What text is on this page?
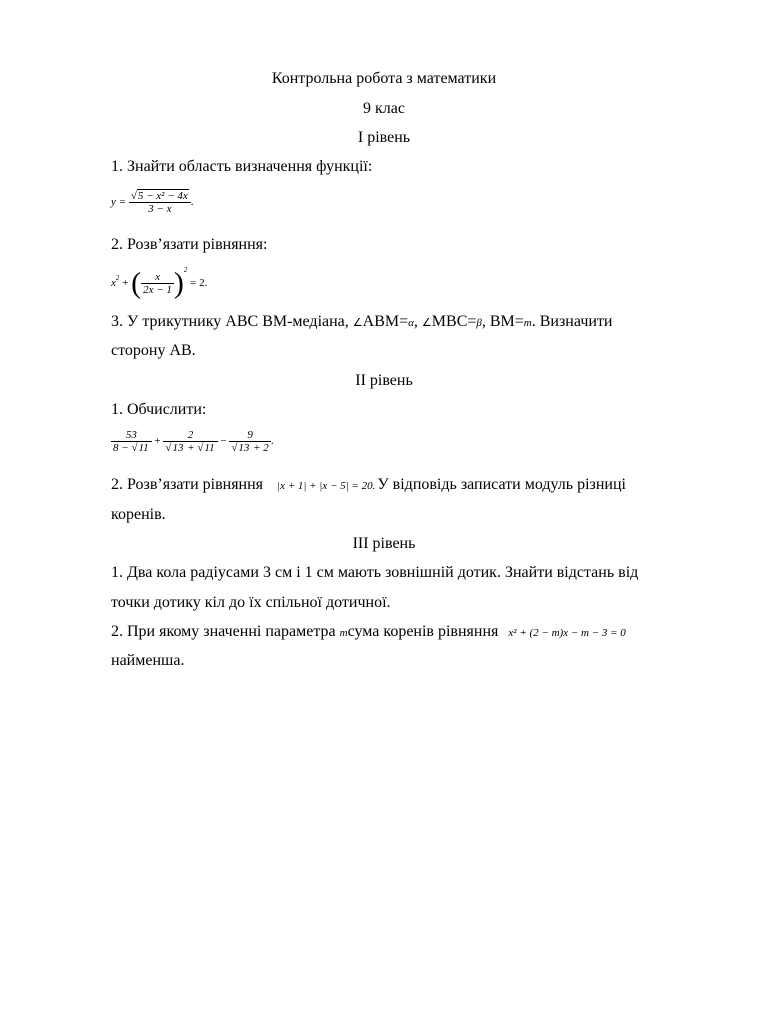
Контрольна робота з математики
9 клас
І рівень
1. Знайти область визначення функції:
$y = \frac{\text{√5 − x² − 4x}}{3 - x}$ .
2. Розв’язати рівняння:
$x^2$ + ( $\frac{x}{2x - 1} )^2 = 2$.
3. У трикутнику АВС ВМ-медіана, ∠АВМ=α, ∠МВС=β, ВМ=m. Визначити
сторону АВ.
ІІ рівень
1. Обчислити:
$\frac{53}{8 - √11} + \frac{2}{√13 + √11} - \frac{9}{√13 + 2}$ .
2. Розв’язати рівняння |x + 1| + |x − 5| = 20. У відповідь записати модуль різниці
коренів.
ІІІ рівень
1. Два кола радіусами 3 см і 1 см мають зовнішній дотик. Знайти відстань від
точки дотику кіл до їх спільної дотичної.
2. При якому значенні параметра mсума коренів рівняння x² + (2 − m)x − m − 3 = 0
найменша.
